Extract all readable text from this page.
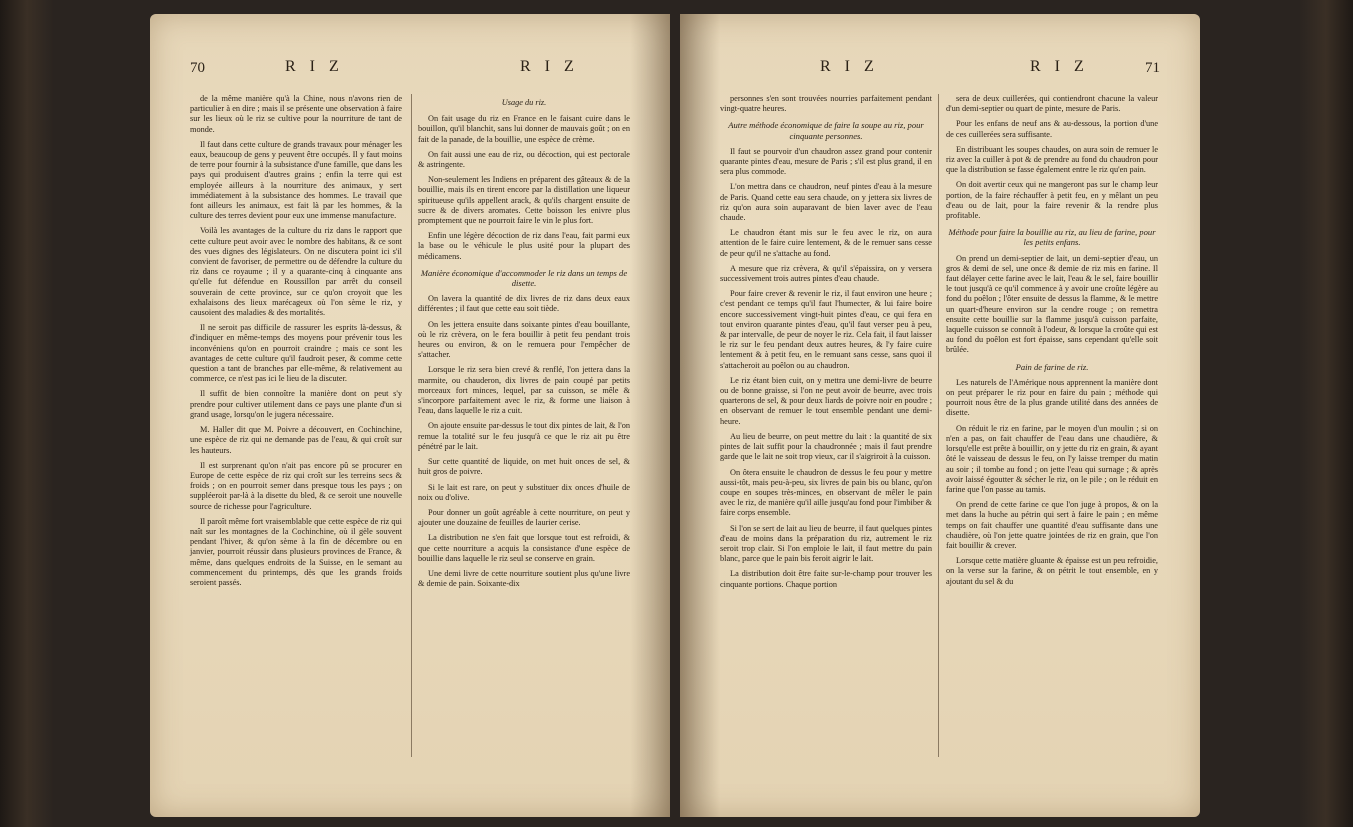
70	R I Z	R I Z

de la même manière qu'à la Chine, nous n'avons rien de particulier à en dire ; mais il se présente une observation à faire sur les lieux où le riz se cultive pour la nourriture de tant de monde.

Il faut dans cette culture de grands travaux pour ménager les eaux, beaucoup de gens y peuvent être occupés. Il y faut moins de terre pour fournir à la subsistance d'une famille, que dans les pays qui produisent d'autres grains ; enfin la terre qui est employée ailleurs à la nourriture des animaux, y sert immédiatement à la subsistance des hommes. Le travail que font ailleurs les animaux, est fait là par les hommes, & la culture des terres devient pour eux une immense manufacture.

Voilà les avantages de la culture du riz dans le rapport que cette culture peut avoir avec le nombre des habitans, & ce sont des vues dignes des législateurs. On ne discutera point ici s'il convient de favoriser, de permettre ou de défendre la culture du riz dans ce royaume ; il y a quarante-cinq à cinquante ans qu'elle fut défendue en Roussillon par arrêt du conseil souverain de cette province, sur ce qu'on croyoit que les exhalaisons des lieux marécageux où l'on sème le riz, y causoient des maladies & des mortalités.

Il ne seroit pas difficile de rassurer les esprits là-dessus, & d'indiquer en même-temps des moyens pour prévenir tous les inconvéniens qu'on en pourroit craindre ; mais ce sont les avantages de cette culture qu'il faudroit peser, & comme cette question a tant de branches par elle-même, & relativement au commerce, ce n'est pas ici le lieu de la discuter.

Il suffit de bien connoître la manière dont on peut s'y prendre pour cultiver utilement dans ce pays une plante d'un si grand usage, lorsqu'on le jugera nécessaire.

M. Haller dit que M. Poivre a découvert, en Cochinchine, une espèce de riz qui ne demande pas de l'eau, & qui croît sur les hauteurs.

Il est surprenant qu'on n'ait pas encore pû se procurer en Europe de cette espèce de riz qui croît sur les terreins secs & froids ; on en pourroit semer dans presque tous les pays ; on suppléeroit par-là à la disette du bled, & ce seroit une nouvelle source de richesse pour l'agriculture.

Il paroît même fort vraisemblable que cette espèce de riz qui naît sur les montagnes de la Cochinchine, où il gèle souvent pendant l'hiver, & qu'on sème à la fin de décembre ou en janvier, pourroit réussir dans plusieurs provinces de France, & même, dans quelques endroits de la Suisse, en le semant au commencement du printemps, dès que les grands froids seroient passés.

Usage du riz.

On fait usage du riz en France en le faisant cuire dans le bouillon, qu'il blanchit, sans lui donner de mauvais goût ; on en fait de la panade, de la bouillie, une espèce de crème.

On fait aussi une eau de riz, ou décoction, qui est pectorale & astringente.

Non-seulement les Indiens en préparent des gâteaux & de la bouillie, mais ils en tirent encore par la distillation une liqueur spiritueuse qu'ils appellent arack, & qu'ils chargent ensuite de sucre & de divers aromates. Cette boisson les enivre plus promptement que ne pourroit faire le vin le plus fort.

Enfin une légère décoction de riz dans l'eau, fait parmi eux la base ou le véhicule le plus usité pour la plupart des médicamens.

Manière économique d'accommoder le riz dans un temps de disette.

On lavera la quantité de dix livres de riz dans deux eaux différentes ; il faut que cette eau soit tiède.

On les jettera ensuite dans soixante pintes d'eau bouillante, où le riz crèvera, on le fera bouillir à petit feu pendant trois heures ou environ, & on le remuera pour l'empêcher de s'attacher.

Lorsque le riz sera bien crevé & renflé, l'on jettera dans la marmite, ou chauderon, dix livres de pain coupé par petits morceaux fort minces, lequel, par sa cuisson, se mêle & s'incorpore parfaitement avec le riz, & forme une liaison à l'eau, dans laquelle le riz a cuit.

On ajoute ensuite par-dessus le tout dix pintes de lait, & l'on remue la totalité sur le feu jusqu'à ce que le riz ait pu être pénétré par le lait.

Sur cette quantité de liquide, on met huit onces de sel, & huit gros de poivre.

Si le lait est rare, on peut y substituer dix onces d'huile de noix ou d'olive.

Pour donner un goût agréable à cette nourriture, on peut y ajouter une douzaine de feuilles de laurier cerise.

La distribution ne s'en fait que lorsque tout est refroidi, & que cette nourriture a acquis la consistance d'une espèce de bouillie dans laquelle le riz seul se conserve en grain.

Une demi livre de cette nourriture soutient plus qu'une livre & demie de pain. Soixante-dix

R I Z	R I Z	71

personnes s'en sont trouvées nourries parfaitement pendant vingt-quatre heures.

Autre méthode économique de faire la soupe au riz, pour cinquante personnes.

Il faut se pourvoir d'un chaudron assez grand pour contenir quarante pintes d'eau, mesure de Paris ; s'il est plus grand, il en sera plus commode.

L'on mettra dans ce chaudron, neuf pintes d'eau à la mesure de Paris. Quand cette eau sera chaude, on y jettera six livres de riz qu'on aura soin auparavant de bien laver avec de l'eau chaude.

Le chaudron étant mis sur le feu avec le riz, on aura attention de le faire cuire lentement, & de le remuer sans cesse de peur qu'il ne s'attache au fond.

A mesure que riz crèvera, & qu'il s'épaissira, on y versera successivement trois autres pintes d'eau chaude.

Pour faire crever & revenir le riz, il faut environ une heure ; c'est pendant ce temps qu'il faut l'humecter, & lui faire boire encore successivement vingt-huit pintes d'eau, ce qui fera en tout environ quarante pintes d'eau, qu'il faut verser peu à peu, & par intervalle, de peur de noyer le riz. Cela fait, il faut laisser le riz sur le feu pendant deux autres heures, & l'y faire cuire lentement & à petit feu, en le remuant sans cesse, sans quoi il s'attacheroit au poêlon ou au chaudron.

Le riz étant bien cuit, on y mettra une demi-livre de beurre ou de bonne graisse, si l'on ne peut avoir de beurre, avec trois quarterons de sel, & pour deux liards de poivre noir en poudre ; en observant de remuer le tout ensemble pendant une demi-heure.

Au lieu de beurre, on peut mettre du lait : la quantité de six pintes de lait suffit pour la chaudronnée ; mais il faut prendre garde que le lait ne soit trop vieux, car il s'aigriroit à la cuisson.

On ôtera ensuite le chaudron de dessus le feu pour y mettre aussi-tôt, mais peu-à-peu, six livres de pain bis ou blanc, qu'on coupe en soupes très-minces, en observant de mêler le pain avec le riz, de manière qu'il aille jusqu'au fond pour l'imbiber & faire corps ensemble.

Si l'on se sert de lait au lieu de beurre, il faut quelques pintes d'eau de moins dans la préparation du riz, autrement le riz seroit trop clair. Si l'on emploie le lait, il faut mettre du pain blanc, parce que le pain bis feroit aigrir le lait.

La distribution doit être faite sur-le-champ pour trouver les cinquante portions. Chaque portion

sera de deux cuillerées, qui contiendront chacune la valeur d'un demi-septier ou quart de pinte, mesure de Paris.

Pour les enfans de neuf ans & au-dessous, la portion d'une de ces cuillerées sera suffisante.

En distribuant les soupes chaudes, on aura soin de remuer le riz avec la cuiller à pot & de prendre au fond du chaudron pour que la distribution se fasse également entre le riz qu'en pain.

On doit avertir ceux qui ne mangeront pas sur le champ leur portion, de la faire réchauffer à petit feu, en y mêlant un peu d'eau ou de lait, pour la faire revenir & la rendre plus profitable.

Méthode pour faire la bouillie au riz, au lieu de farine, pour les petits enfans.

On prend un demi-septier de lait, un demi-septier d'eau, un gros & demi de sel, une once & demie de riz mis en farine. Il faut délayer cette farine avec le lait, l'eau & le sel, faire bouillir le tout jusqu'à ce qu'il commence à y avoir une croûte légère au fond du poêlon ; l'ôter ensuite de dessus la flamme, & le mettre un quart-d'heure environ sur la cendre rouge ; on remettra ensuite cette bouillie sur la flamme jusqu'à cuisson parfaite, laquelle cuisson se connoît à l'odeur, & lorsque la croûte qui est au fond du poêlon est fort épaisse, sans cependant qu'elle soit brûlée.

Pain de farine de riz.

Les naturels de l'Amérique nous apprennent la manière dont on peut préparer le riz pour en faire du pain ; méthode qui pourroit nous être de la plus grande utilité dans des années de disette.

On réduit le riz en farine, par le moyen d'un moulin ; si on n'en a pas, on fait chauffer de l'eau dans une chaudière, & lorsqu'elle est prête à bouillir, on y jette du riz en grain, & ayant ôté le vaisseau de dessus le feu, on l'y laisse tremper du matin au soir ; il tombe au fond ; on jette l'eau qui surnage ; & après avoir laissé égoutter & sécher le riz, on le pile ; on le réduit en farine que l'on passe au tamis.

On prend de cette farine ce que l'on juge à propos, & on la met dans la huche au pétrin qui sert à faire le pain ; en même temps on fait chauffer une quantité d'eau suffisante dans une chaudière, où l'on jette quatre jointées de riz en grain, que l'on fait bouillir & crever.

Lorsque cette matière gluante & épaisse est un peu refroidie, on la verse sur la farine, & on pétrit le tout ensemble, en y ajoutant du sel & du
